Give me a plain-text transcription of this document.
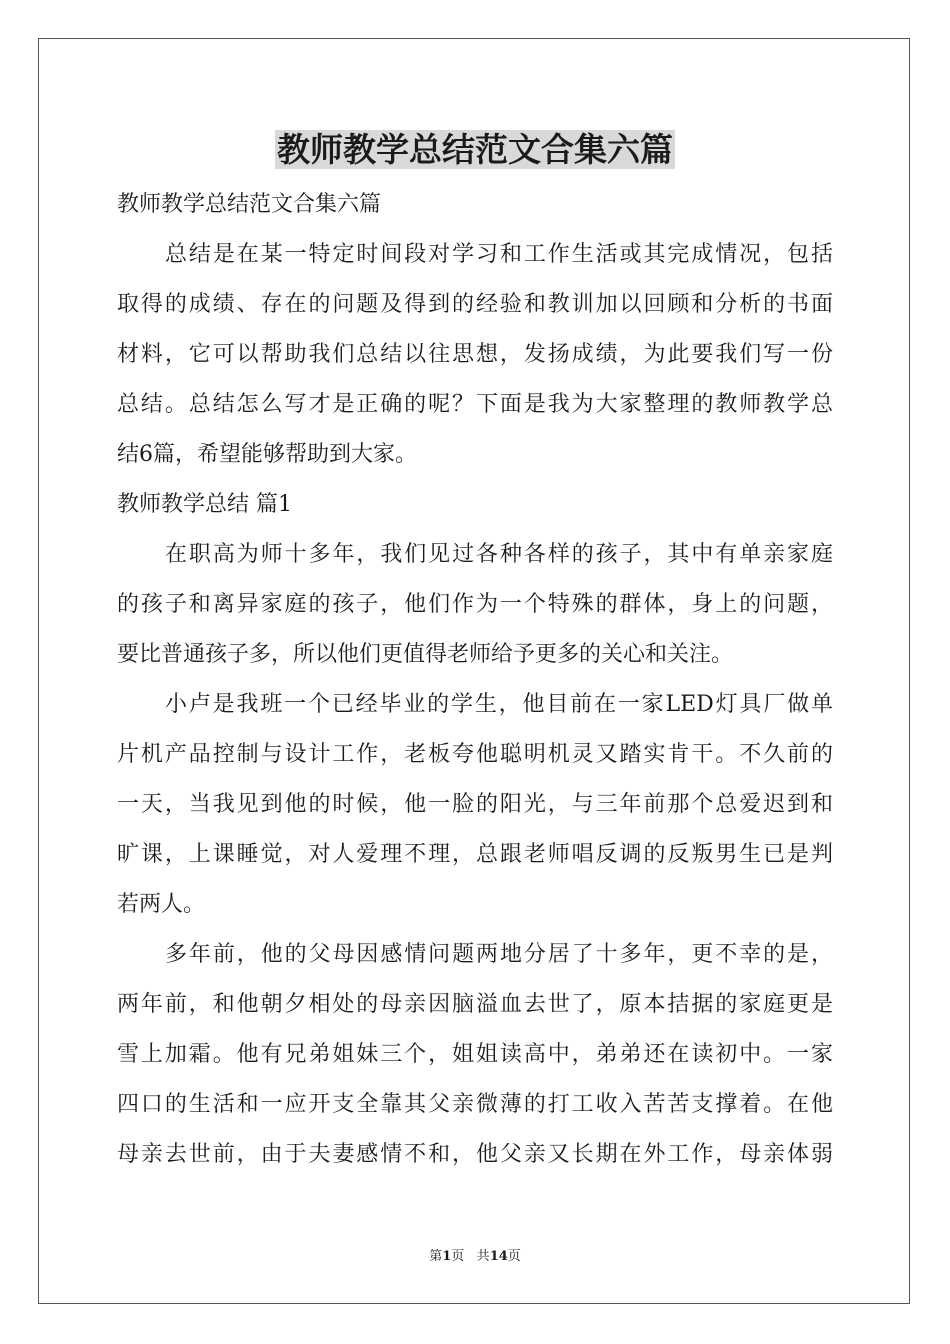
教师教学总结范文合集六篇

教师教学总结范文合集六篇

总结是在某一特定时间段对学习和工作生活或其完成情况，包括

取得的成绩、存在的问题及得到的经验和教训加以回顾和分析的书面

材料，它可以帮助我们总结以往思想，发扬成绩，为此要我们写一份

总结。总结怎么写才是正确的呢？下面是我为大家整理的教师教学总

结6篇，希望能够帮助到大家。

教师教学总结 篇1

在职高为师十多年，我们见过各种各样的孩子，其中有单亲家庭

的孩子和离异家庭的孩子，他们作为一个特殊的群体，身上的问题，

要比普通孩子多，所以他们更值得老师给予更多的关心和关注。

小卢是我班一个已经毕业的学生，他目前在一家LED灯具厂做单

片机产品控制与设计工作，老板夸他聪明机灵又踏实肯干。不久前的

一天，当我见到他的时候，他一脸的阳光，与三年前那个总爱迟到和

旷课，上课睡觉，对人爱理不理，总跟老师唱反调的反叛男生已是判

若两人。

多年前，他的父母因感情问题两地分居了十多年，更不幸的是，

两年前，和他朝夕相处的母亲因脑溢血去世了，原本拮据的家庭更是

雪上加霜。他有兄弟姐妹三个，姐姐读高中，弟弟还在读初中。一家

四口的生活和一应开支全靠其父亲微薄的打工收入苦苦支撑着。在他

母亲去世前，由于夫妻感情不和，他父亲又长期在外工作，母亲体弱

第1页 共14页
